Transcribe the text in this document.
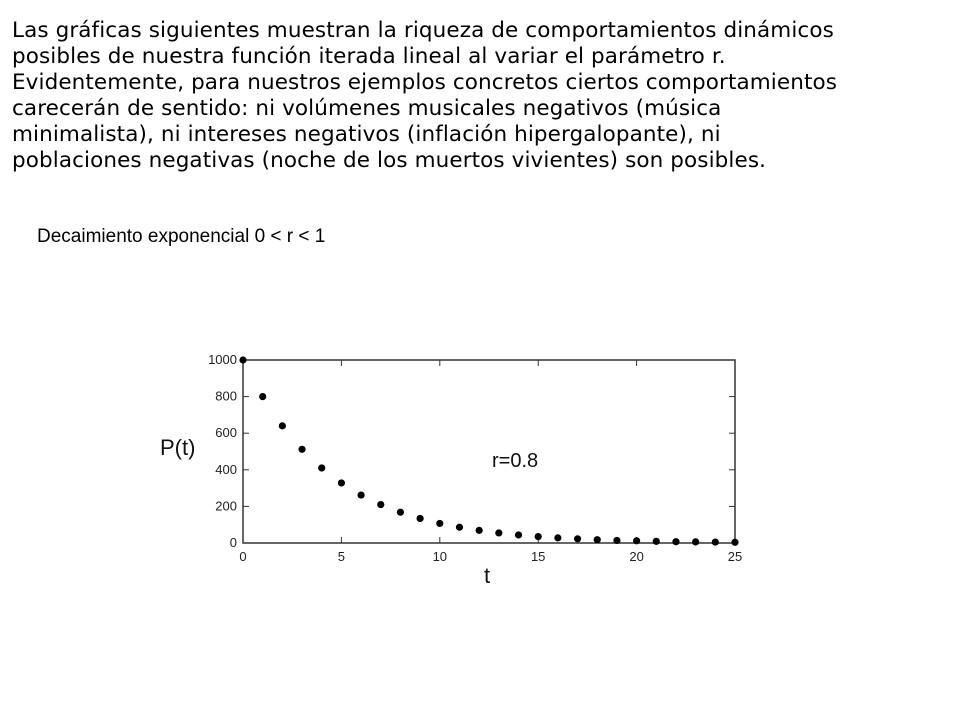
Las gráficas siguientes muestran la riqueza de comportamientos dinámicos
posibles de nuestra función iterada lineal al variar el parámetro r.
Evidentemente, para nuestros ejemplos concretos ciertos comportamientos
carecerán de sentido: ni volúmenes musicales negativos (música
minimalista), ni intereses negativos (inflación hipergalopante), ni
poblaciones negativas (noche de los muertos vivientes) son posibles.
Decaimiento exponencial 0 < r < 1
0	5	10	15	20	25
0
200
400
600
800
1000
P(t)
t
r=0.8
